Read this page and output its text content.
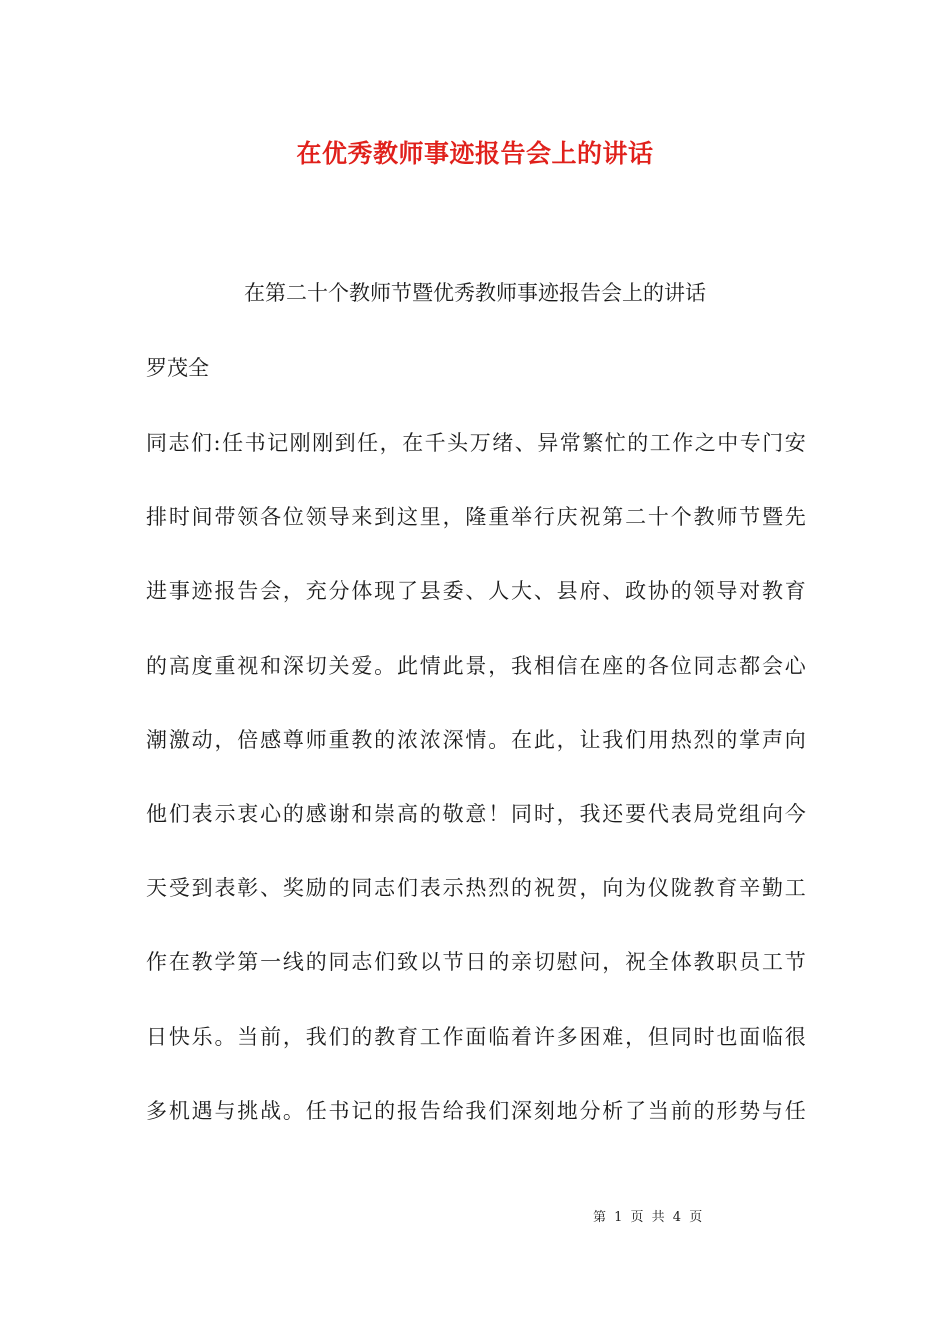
在优秀教师事迹报告会上的讲话
在第二十个教师节暨优秀教师事迹报告会上的讲话
罗茂全
同志们:任书记刚刚到任，在千头万绪、异常繁忙的工作之中专门安
排时间带领各位领导来到这里，隆重举行庆祝第二十个教师节暨先
进事迹报告会，充分体现了县委、人大、县府、政协的领导对教育
的高度重视和深切关爱。此情此景，我相信在座的各位同志都会心
潮激动，倍感尊师重教的浓浓深情。在此，让我们用热烈的掌声向
他们表示衷心的感谢和崇高的敬意！同时，我还要代表局党组向今
天受到表彰、奖励的同志们表示热烈的祝贺，向为仪陇教育辛勤工
作在教学第一线的同志们致以节日的亲切慰问，祝全体教职员工节
日快乐。当前，我们的教育工作面临着许多困难，但同时也面临很
多机遇与挑战。任书记的报告给我们深刻地分析了当前的形势与任
第 1 页 共 4 页
